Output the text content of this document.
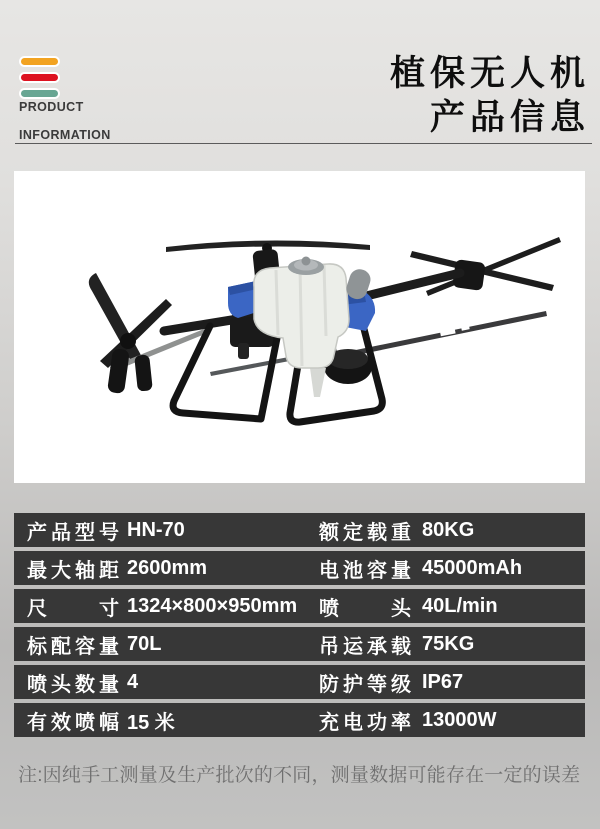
PRODUCT

INFORMATION
植保无人机
产品信息
产品型号 HN-70	额定载重 80KG
最大轴距 2600mm	电池容量 45000mAh
尺寸 1324×800×950mm	喷头 40L/min
标配容量 70L	吊运承载 75KG
喷头数量 4	防护等级 IP67
有效喷幅 15 米	充电功率 13000W
注:因纯手工测量及生产批次的不同，测量数据可能存在一定的误差
